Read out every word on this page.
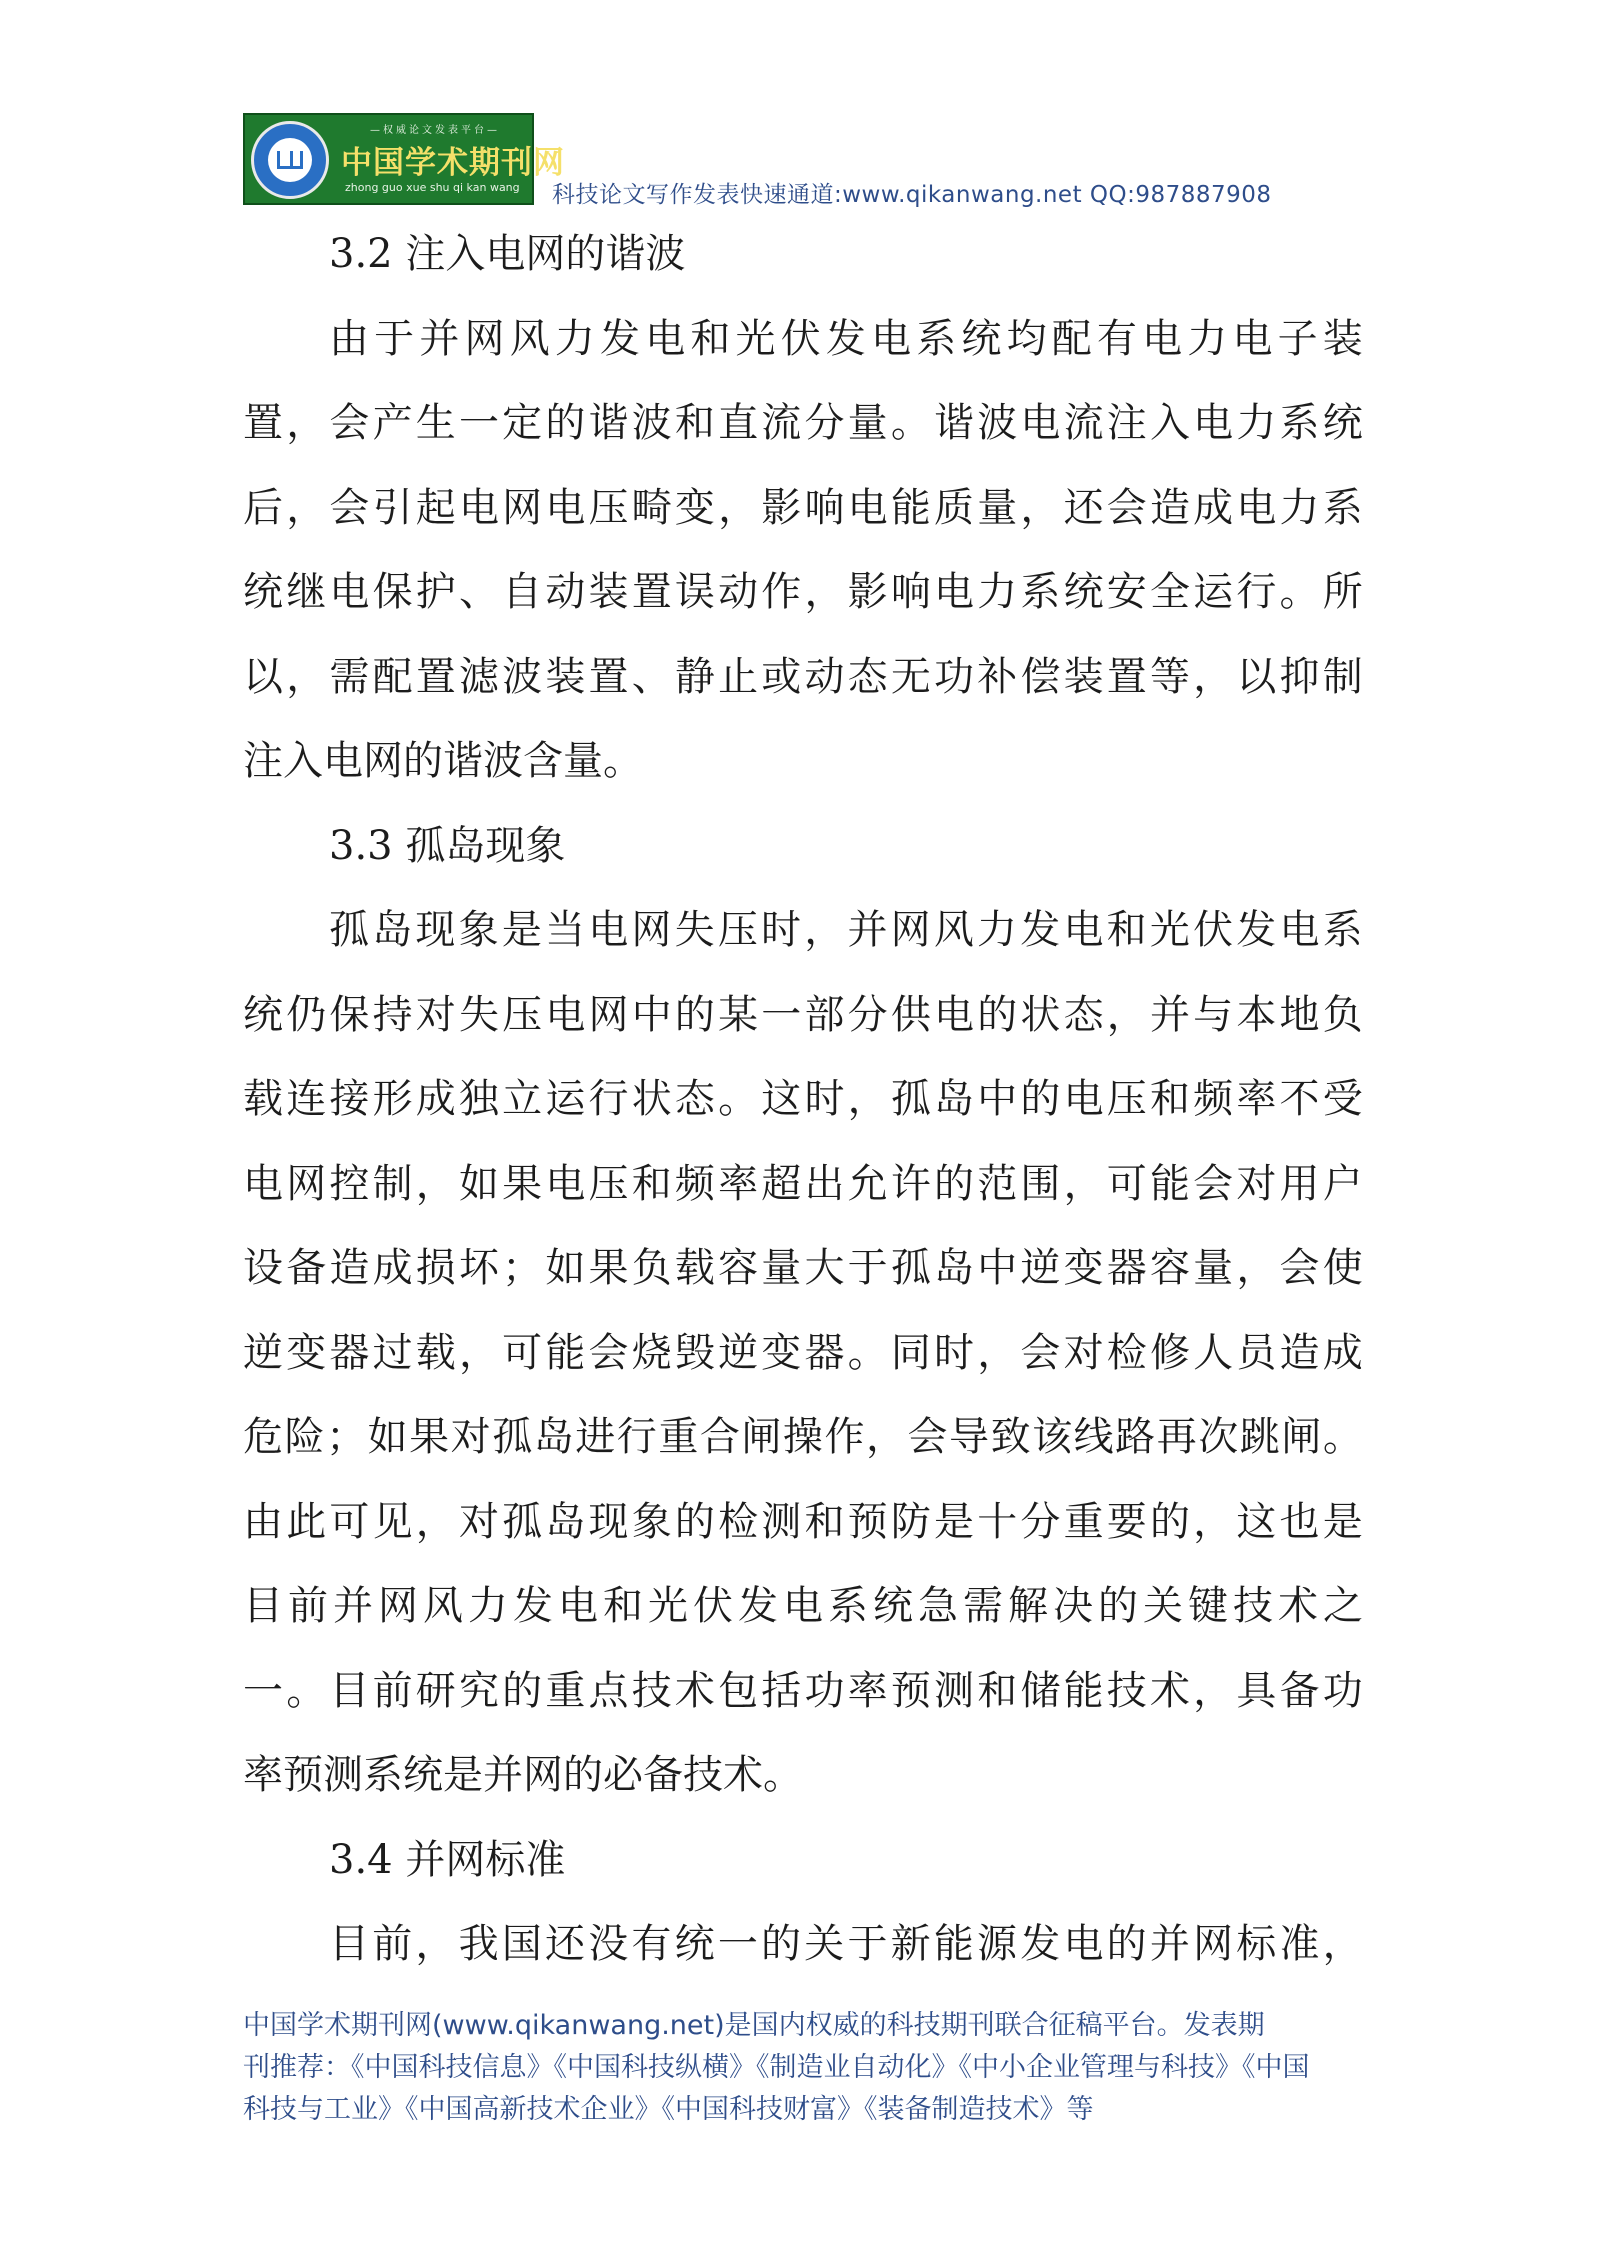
—权威论文发表平台—
中国学术期刊网
zhong guo xue shu qi kan wang 科技论文写作发表快速通道:www.qikanwang.net QQ:987887908
3.2 注入电网的谐波
由 于 并 网 风 力 发 电 和 光 伏 发 电 系 统 均 配 有 电 力 电 子 装
置 ， 会 产 生 一 定 的 谐 波 和 直 流 分 量 。 谐 波 电 流 注 入 电 力 系 统
后 ， 会 引 起 电 网 电 压 畸 变 ， 影 响 电 能 质 量 ， 还 会 造 成 电 力 系
统 继 电 保 护 、 自 动 装 置 误 动 作 ， 影 响 电 力 系 统 安 全 运 行 。 所
以 ， 需 配 置 滤 波 装 置 、 静 止 或 动 态 无 功 补 偿 装 置 等 ， 以 抑 制
注入电网的谐波含量。
3.3 孤岛现象
孤 岛 现 象 是 当 电 网 失 压 时 ， 并 网 风 力 发 电 和 光 伏 发 电 系
统 仍 保 持 对 失 压 电 网 中 的 某 一 部 分 供 电 的 状 态 ， 并 与 本 地 负
载 连 接 形 成 独 立 运 行 状 态 。 这 时 ， 孤 岛 中 的 电 压 和 频 率 不 受
电 网 控 制 ， 如 果 电 压 和 频 率 超 出 允 许 的 范 围 ， 可 能 会 对 用 户
设 备 造 成 损 坏 ； 如 果 负 载 容 量 大 于 孤 岛 中 逆 变 器 容 量 ， 会 使
逆 变 器 过 载 ， 可 能 会 烧 毁 逆 变 器 。 同 时 ， 会 对 检 修 人 员 造 成
危 险 ； 如 果 对 孤 岛 进 行 重 合 闸 操 作 ， 会 导 致 该 线 路 再 次 跳 闸 。
由 此 可 见 ， 对 孤 岛 现 象 的 检 测 和 预 防 是 十 分 重 要 的 ， 这 也 是
目 前 并 网 风 力 发 电 和 光 伏 发 电 系 统 急 需 解 决 的 关 键 技 术 之
一 。 目 前 研 究 的 重 点 技 术 包 括 功 率 预 测 和 储 能 技 术 ， 具 备 功
率预测系统是并网的必备技术。
3.4 并网标准
目 前 ， 我 国 还 没 有 统 一 的 关 于 新 能 源 发 电 的 并 网 标 准 ，
中国学术期刊网(www.qikanwang.net)是国内权威的科技期刊联合征稿平台。发表期
刊推荐：《中国科技信息》《中国科技纵横》《制造业自动化》《中小企业管理与科技》《中国
科技与工业》《中国高新技术企业》《中国科技财富》《装备制造技术》等
